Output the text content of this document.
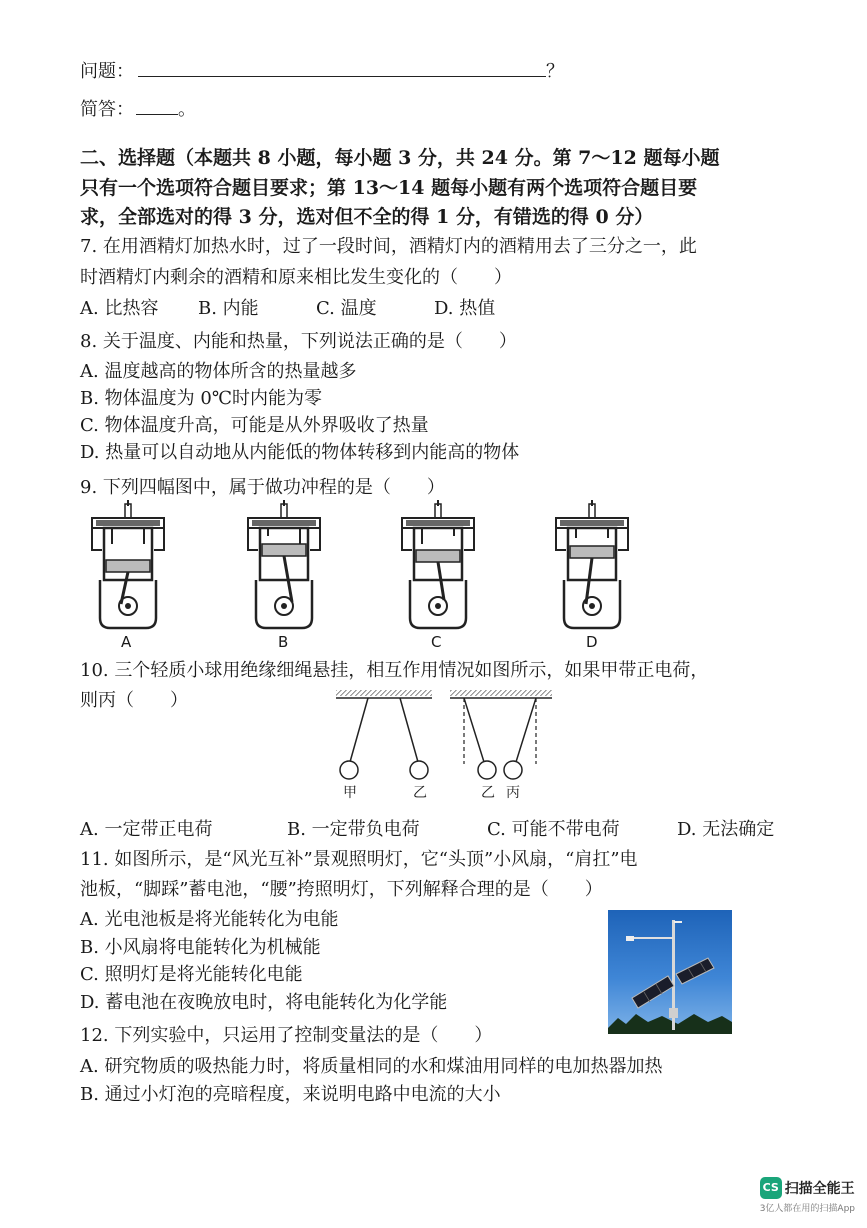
问题：	？
简答： 。
二、选择题（本题共 8 小题，每小题 3 分，共 24 分。第 7～12 题每小题
只有一个选项符合题目要求；第 13～14 题每小题有两个选项符合题目要
求，全部选对的得 3 分，选对但不全的得 1 分，有错选的得 0 分）
7. 在用酒精灯加热水时，过了一段时间，酒精灯内的酒精用去了三分之一，此
时酒精灯内剩余的酒精和原来相比发生变化的（　　）
A. 比热容 B. 内能	C. 温度	D. 热值
8. 关于温度、内能和热量，下列说法正确的是（　　）
A. 温度越高的物体所含的热量越多
B. 物体温度为 0℃时内能为零
C. 物体温度升高，可能是从外界吸收了热量
D. 热量可以自动地从内能低的物体转移到内能高的物体
9. 下列四幅图中，属于做功冲程的是（　　）
A	B	C	D
10. 三个轻质小球用绝缘细绳悬挂，相互作用情况如图所示，如果甲带正电荷，
则丙（　　）
甲	乙	乙 丙
A. 一定带正电荷	B. 一定带负电荷	C. 可能不带电荷	D. 无法确定
11. 如图所示，是“风光互补”景观照明灯，它“头顶”小风扇，“肩扛”电
池板，“脚踩”蓄电池，“腰”挎照明灯，下列解释合理的是（　　）
A. 光电池板是将光能转化为电能
B. 小风扇将电能转化为机械能
C. 照明灯是将光能转化电能
D. 蓄电池在夜晚放电时，将电能转化为化学能
12. 下列实验中，只运用了控制变量法的是（　　）
A. 研究物质的吸热能力时，将质量相同的水和煤油用同样的电加热器加热
B. 通过小灯泡的亮暗程度，来说明电路中电流的大小
CS 扫描全能王
3亿人都在用的扫描App
